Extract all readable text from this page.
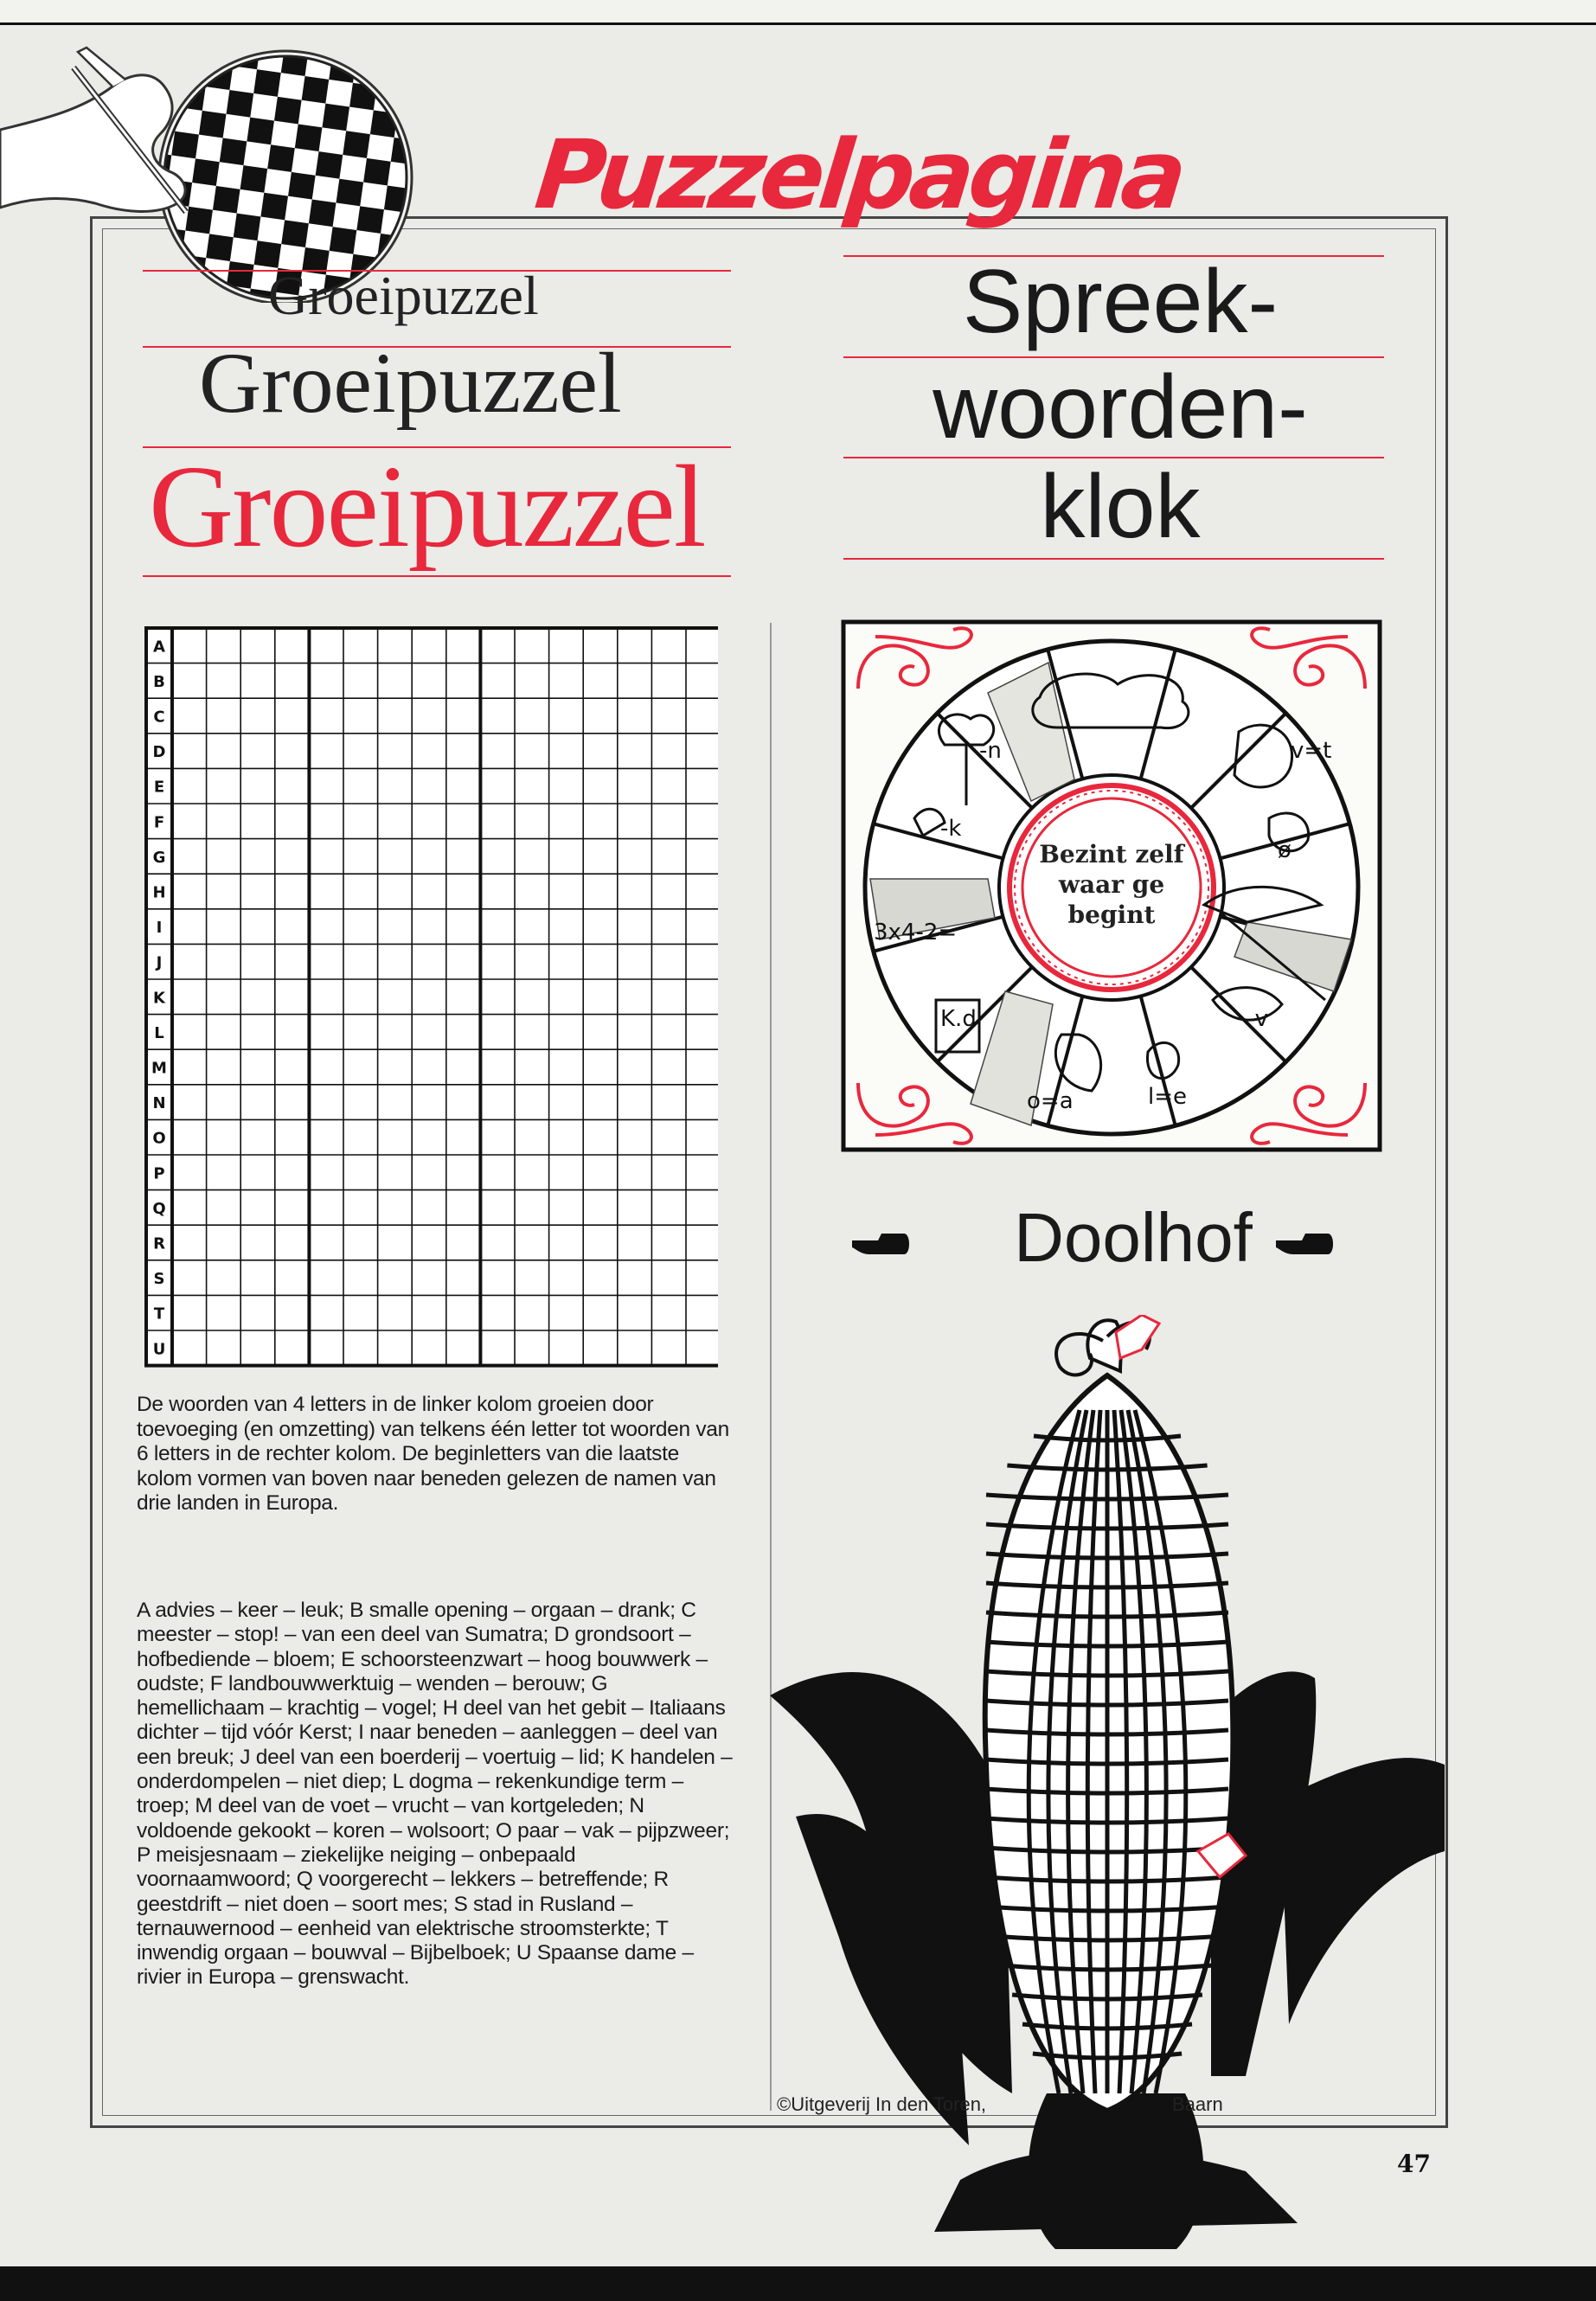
Puzzelpagina
Groeipuzzel
Groeipuzzel
Groeipuzzel
Spreek-
woorden-
klok
A
B
C
D
E
F
G
H
I
J
K
L
M
N
O
P
Q
R
S
T
U
De woorden van 4 letters in de linker kolom groeien door toevoeging (en omzetting) van telkens één letter tot woorden van 6 letters in de rechter kolom. De beginletters van die laatste kolom vormen van boven naar beneden gelezen de namen van drie landen in Europa.
A advies – keer – leuk; B smalle opening – orgaan – drank; C meester – stop! – van een deel van Sumatra; D grondsoort – hofbediende – bloem; E schoorsteenzwart – hoog bouwwerk – oudste; F landbouwwerktuig – wenden – berouw; G hemellichaam – krachtig – vogel; H deel van het gebit – Italiaans dichter – tijd vóór Kerst; I naar beneden – aanleggen – deel van een breuk; J deel van een boerderij – voertuig – lid; K handelen – onderdompelen – niet diep; L dogma – rekenkundige term – troep; M deel van de voet – vrucht – van kortgeleden; N voldoende gekookt – koren – wolsoort; O paar – vak – pijpzweer; P meisjesnaam – ziekelijke neiging – onbepaald voornaamwoord; Q voorgerecht – lekkers – betreffende; R geestdrift – niet doen – soort mes; S stad in Rusland – ternauwernood – eenheid van elektrische stroomsterkte; T inwendig orgaan – bouwval – Bijbelboek; U Spaanse dame – rivier in Europa – grenswacht.
-n	v=t
ø
-v
-k
3x4-2=
K.d
o=a	l=e
Bezint zelf
waar ge
begint
Doolhof
©Uitgeverij In den Toren,	Baarn
47
